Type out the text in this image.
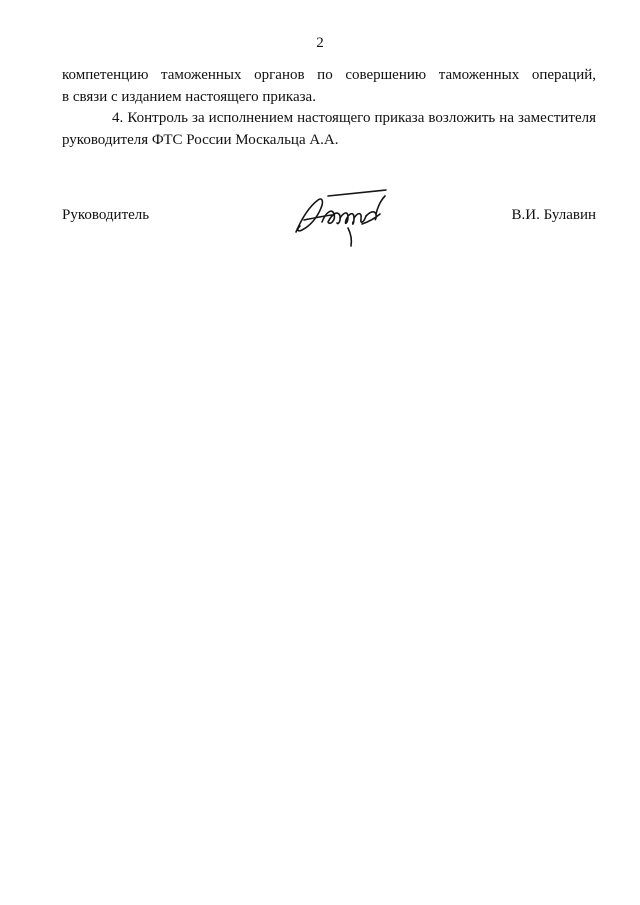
2
компетенцию таможенных органов по совершению таможенных операций,
в связи с изданием настоящего приказа.
4. Контроль за исполнением настоящего приказа возложить на заместителя
руководителя ФТС России Москальца А.А.
Руководитель	В.И. Булавин
